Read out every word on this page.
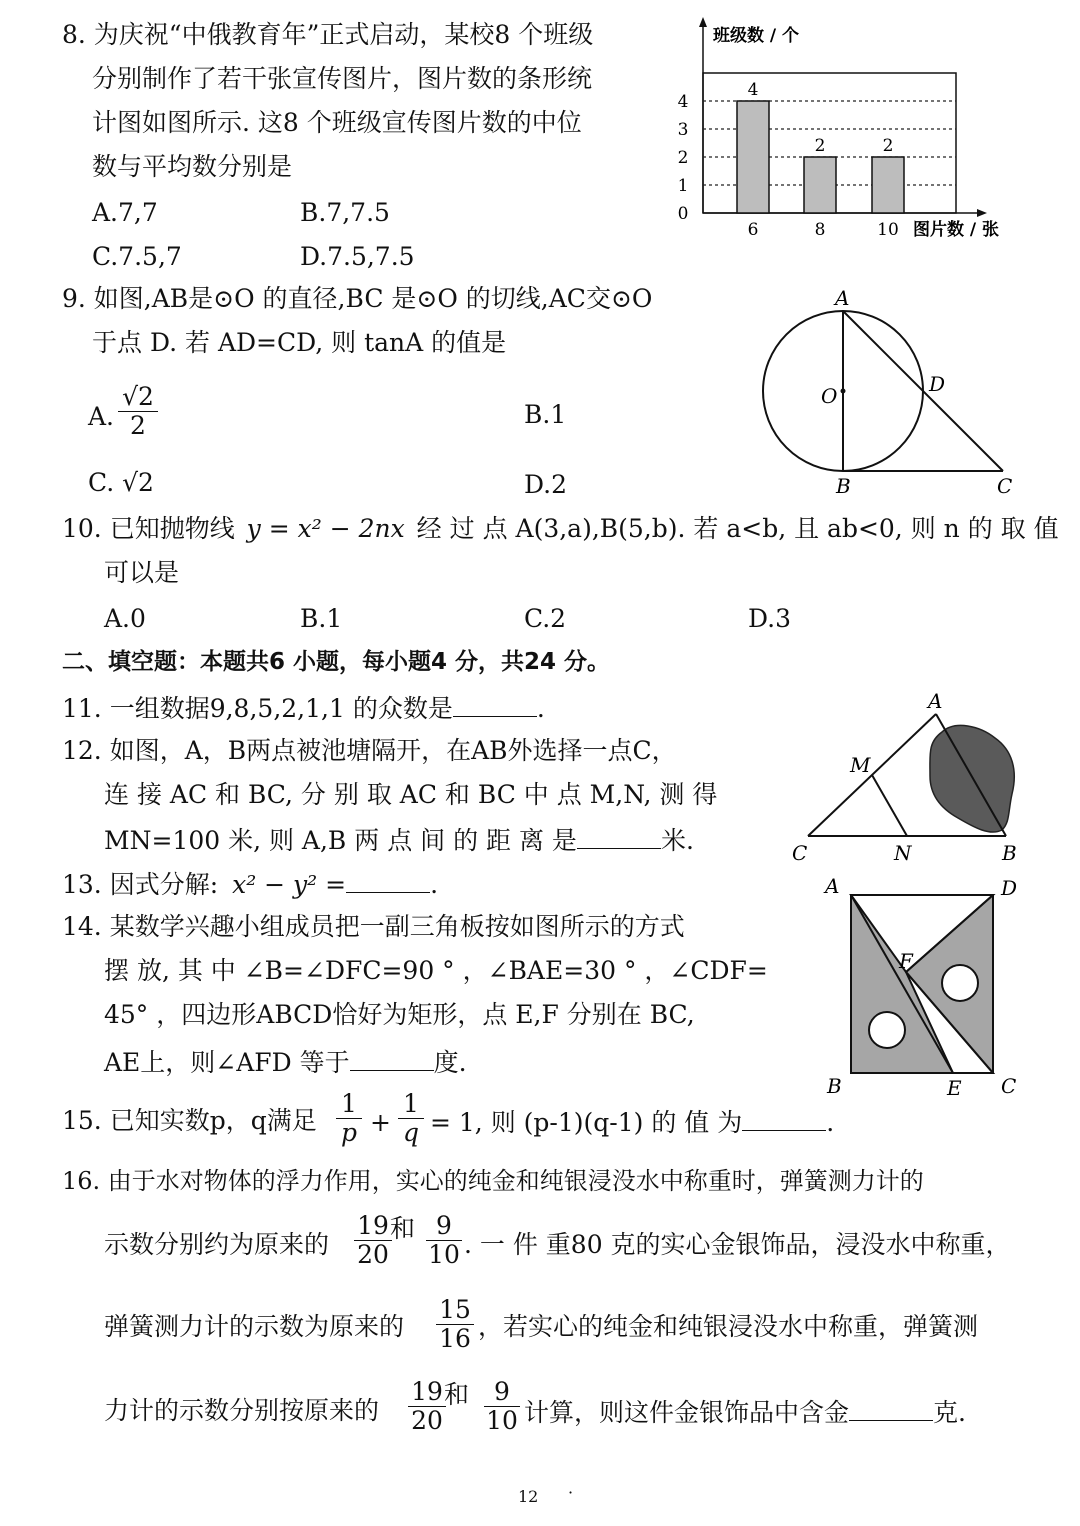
8. 为庆祝“中俄教育年”正式启动，某校8 个班级
分别制作了若干张宣传图片，图片数的条形统
计图如图所示. 这8 个班级宣传图片数的中位
数与平均数分别是
A.7,7	B.7,7.5
C.7.5,7	D.7.5,7.5
班级数 / 个
图片数 / 张
0
1
2
3
4
4
6
2
8
2
10
9. 如图,AB是⊙O 的直径,BC 是⊙O 的切线,AC交⊙O
于点 D. 若 AD=CD, 则 tanA 的值是
A. $\frac{√2}{2}$	B.1
C. √2	D.2
A
O	D
B	C
10. 已知抛物线 y = x² − 2nx 经 过 点 A(3,a),B(5,b). 若 a<b, 且 ab<0, 则 n 的 取 值
可以是
A.0	B.1	C.2	D.3
二、填空题：本题共6 小题，每小题4 分，共24 分。
11. 一组数据9,8,5,2,1,1 的众数是	.
12. 如图，A，B两点被池塘隔开，在AB外选择一点C，
连 接 AC 和 BC, 分 别 取 AC 和 BC 中 点 M,N, 测 得
MN=100 米, 则 A,B 两 点 间 的 距 离 是	米.
A
M
C	N	B
13. 因式分解: x² − y² =	.
14. 某数学兴趣小组成员把一副三角板按如图所示的方式
摆 放, 其 中 ∠B=∠DFC=90 ° ，∠BAE=30 ° ，∠CDF=
45° ，四边形ABCD恰好为矩形，点 E,F 分别在 BC,
AE上，则∠AFD 等于	度.
A	D
F
B	E C
15. 已知实数p，q满足 $\frac{1}{p} + \frac{1}{q} = 1$, 则 (p-1)(q-1) 的 值 为	.
16. 由于水对物体的浮力作用，实心的纯金和纯银浸没水中称重时，弹簧测力计的
示数分别约为原来的 $\frac{19}{20}$
和 $\frac{9}{10}$ . 一 件 重80 克的实心金银饰品，浸没水中称重，
弹簧测力计的示数为原来的 $\frac{15}{16}$ ，若实心的纯金和纯银浸没水中称重，弹簧测
力计的示数分别按原来的 $\frac{19}{20}$
和 $\frac{9}{10}$ 计算，则这件金银饰品中含金	克.
12 ·
